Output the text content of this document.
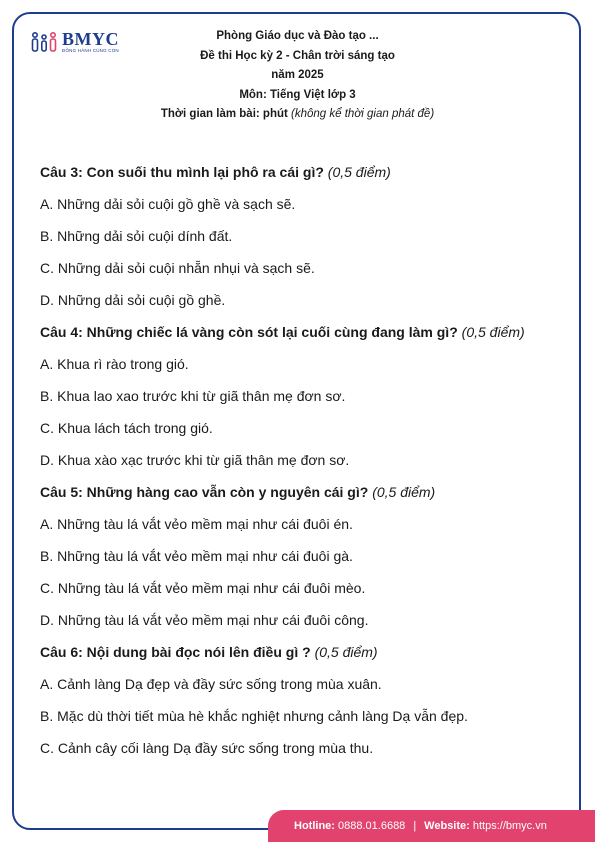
BMYC
ĐỒNG HÀNH CÙNG CON
Phòng Giáo dục và Đào tạo ...
Đề thi Học kỳ 2 - Chân trời sáng tạo
năm 2025
Môn: Tiếng Việt lớp 3
Thời gian làm bài: phút (không kể thời gian phát đề)

Câu 3: Con suối thu mình lại phô ra cái gì? (0,5 điểm)

A. Những dải sỏi cuội gồ ghề và sạch sẽ.

B. Những dải sỏi cuội dính đất.

C. Những dải sỏi cuội nhẵn nhụi và sạch sẽ.

D. Những dải sỏi cuội gồ ghề.

Câu 4: Những chiếc lá vàng còn sót lại cuối cùng đang làm gì? (0,5 điểm)

A. Khua rì rào trong gió.

B. Khua lao xao trước khi từ giã thân mẹ đơn sơ.

C. Khua lách tách trong gió.

D. Khua xào xạc trước khi từ giã thân mẹ đơn sơ.

Câu 5: Những hàng cao vẫn còn y nguyên cái gì? (0,5 điểm)

A. Những tàu lá vắt vẻo mềm mại như cái đuôi én.

B. Những tàu lá vắt vẻo mềm mại như cái đuôi gà.

C. Những tàu lá vắt vẻo mềm mại như cái đuôi mèo.

D. Những tàu lá vắt vẻo mềm mại như cái đuôi công.

Câu 6: Nội dung bài đọc nói lên điều gì ? (0,5 điểm)

A. Cảnh làng Dạ đẹp và đầy sức sống trong mùa xuân.

B. Mặc dù thời tiết mùa hè khắc nghiệt nhưng cảnh làng Dạ vẫn đẹp.

C. Cảnh cây cối làng Dạ đầy sức sống trong mùa thu.

Hotline:
0888.01.6688 | Website:
https://bmyc.vn
